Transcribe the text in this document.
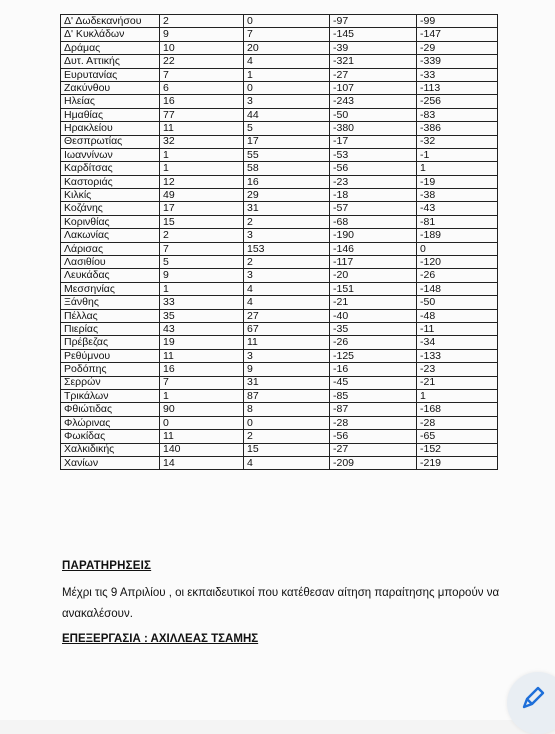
Δ' Δωδεκανήσου	2	0	-97	-99
Δ' Κυκλάδων	9	7	-145	-147
Δράμας	10	20	-39	-29
Δυτ. Αττικής	22	4	-321	-339
Ευρυτανίας	7	1	-27	-33
Ζακύνθου	6	0	-107	-113
Ηλείας	16	3	-243	-256
Ημαθίας	77	44	-50	-83
Ηρακλείου	11	5	-380	-386
Θεσπρωτίας	32	17	-17	-32
Ιωαννίνων	1	55	-53	-1
Καρδίτσας	1	58	-56	1
Καστοριάς	12	16	-23	-19
Κιλκίς	49	29	-18	-38
Κοζάνης	17	31	-57	-43
Κορινθίας	15	2	-68	-81
Λακωνίας	2	3	-190	-189
Λάρισας	7	153	-146	0
Λασιθίου	5	2	-117	-120
Λευκάδας	9	3	-20	-26
Μεσσηνίας	1	4	-151	-148
Ξάνθης	33	4	-21	-50
Πέλλας	35	27	-40	-48
Πιερίας	43	67	-35	-11
Πρέβεζας	19	11	-26	-34
Ρεθύμνου	11	3	-125	-133
Ροδόπης	16	9	-16	-23
Σερρών	7	31	-45	-21
Τρικάλων	1	87	-85	1
Φθιώτιδας	90	8	-87	-168
Φλώρινας	0	0	-28	-28
Φωκίδας	11	2	-56	-65
Χαλκιδικής	140	15	-27	-152
Χανίων	14	4	-209	-219
ΠΑΡΑΤΗΡΗΣΕΙΣ
Μέχρι τις 9 Απριλίου , οι εκπαιδευτικοί που κατέθεσαν αίτηση παραίτησης μπορούν να ανακαλέσουν.
ΕΠΕΞΕΡΓΑΣΙΑ : ΑΧΙΛΛΕΑΣ ΤΣΑΜΗΣ
